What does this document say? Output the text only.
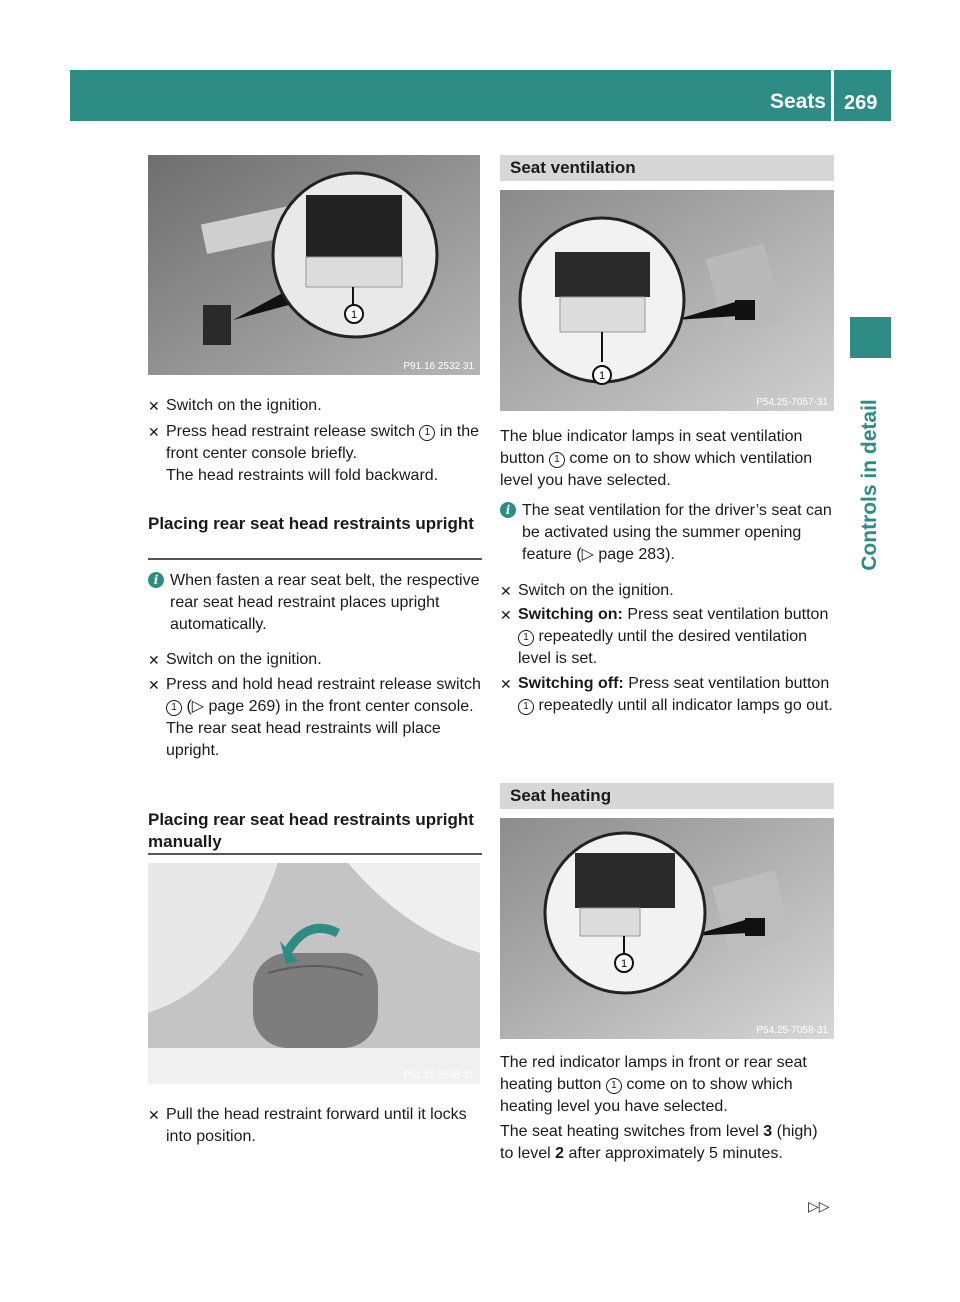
Seats 269
Controls in detail
1
P91.16 2532 31
✕ Switch on the ignition.
✕ Press head restraint release switch 1 in the front center console briefly.
The head restraints will fold backward.
Placing rear seat head restraints upright
i When fasten a rear seat belt, the respective rear seat head restraint places upright automatically.
✕ Switch on the ignition.
✕ Press and hold head restraint release switch 1 (▷ page 269) in the front center console.
The rear seat head restraints will place upright.
Placing rear seat head restraints upright manually
P91.16 2688 31
✕ Pull the head restraint forward until it locks into position.
Seat ventilation
1
P54.25-7057-31
The blue indicator lamps in seat ventilation button 1 come on to show which ventilation level you have selected.
i The seat ventilation for the driver’s seat can be activated using the summer opening feature (▷ page 283).
✕ Switch on the ignition.
✕ Switching on: Press seat ventilation button 1 repeatedly until the desired ventilation level is set.
✕ Switching off: Press seat ventilation button 1 repeatedly until all indicator lamps go out.
Seat heating
1
P54.25-7058-31
The red indicator lamps in front or rear seat heating button 1 come on to show which heating level you have selected.
The seat heating switches from level 3 (high) to level 2 after approximately 5 minutes.
▷▷
